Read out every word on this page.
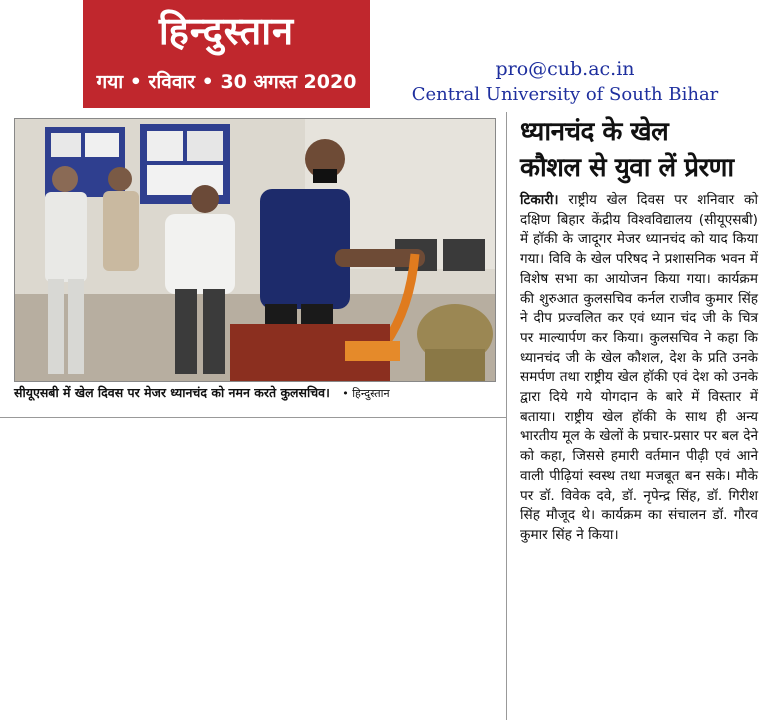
हिन्दुस्तान
गया • रविवार • 30 अगस्त 2020
pro@cub.ac.in
Central University of South Bihar
सीयूएसबी में खेल दिवस पर मेजर ध्यानचंद को नमन करते कुलसचिव। • हिन्दुस्तान
ध्यानचंद के खेल
कौशल से युवा लें प्रेरणा
टिकारी। राष्ट्रीय खेल दिवस पर शनिवार को दक्षिण बिहार केंद्रीय विश्वविद्यालय (सीयूएसबी) में हॉकी के जादूगर मेजर ध्यानचंद को याद किया गया। विवि के खेल परिषद ने प्रशासनिक भवन में विशेष सभा का आयोजन किया गया। कार्यक्रम की शुरुआत कुलसचिव कर्नल राजीव कुमार सिंह ने दीप प्रज्वलित कर एवं ध्यान चंद जी के चित्र पर माल्यार्पण कर किया। कुलसचिव ने कहा कि ध्यानचंद जी के खेल कौशल, देश के प्रति उनके समर्पण तथा राष्ट्रीय खेल हॉकी एवं देश को उनके द्वारा दिये गये योगदान के बारे में विस्तार में बताया। राष्ट्रीय खेल हॉकी के साथ ही अन्य भारतीय मूल के खेलों के प्रचार-प्रसार पर बल देने को कहा, जिससे हमारी वर्तमान पीढ़ी एवं आने वाली पीढ़ियां स्वस्थ तथा मजबूत बन सके। मौके पर डॉ. विवेक दवे, डॉ. नृपेन्द्र सिंह, डॉ. गिरीश सिंह मौजूद थे। कार्यक्रम का संचालन डॉ. गौरव कुमार सिंह ने किया।
